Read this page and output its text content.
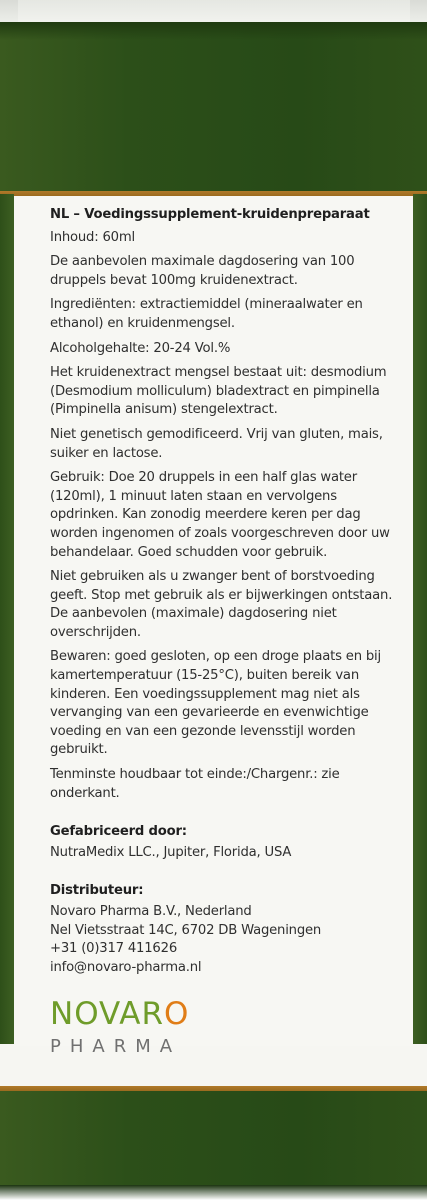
NL – Voedingssupplement-kruidenpreparaat

Inhoud: 60ml

De aanbevolen maximale dagdosering van 100 druppels bevat 100mg kruidenextract.

Ingrediënten: extractiemiddel (mineraalwater en ethanol) en kruidenmengsel.

Alcoholgehalte: 20-24 Vol.%

Het kruidenextract mengsel bestaat uit: desmodium (Desmodium molliculum) bladextract en pimpinella (Pimpinella anisum) stengelextract.

Niet genetisch gemodificeerd. Vrij van gluten, mais, suiker en lactose.

Gebruik: Doe 20 druppels in een half glas water (120ml), 1 minuut laten staan en vervolgens opdrinken. Kan zonodig meerdere keren per dag worden ingenomen of zoals voorgeschreven door uw behandelaar. Goed schudden voor gebruik.

Niet gebruiken als u zwanger bent of borstvoeding geeft. Stop met gebruik als er bijwerkingen ontstaan. De aanbevolen (maximale) dagdosering niet overschrijden.

Bewaren: goed gesloten, op een droge plaats en bij kamertemperatuur (15-25°C), buiten bereik van kinderen. Een voedingssupplement mag niet als vervanging van een gevarieerde en evenwichtige voeding en van een gezonde levensstijl worden gebruikt.

Tenminste houdbaar tot einde:/Chargenr.: zie onderkant.

Gefabriceerd door:

NutraMedix LLC., Jupiter, Florida, USA

Distributeur:

Novaro Pharma B.V., Nederland

Nel Vietsstraat 14C, 6702 DB Wageningen

+31 (0)317 411626

info@novaro-pharma.nl

NOVARO
PHARMA
